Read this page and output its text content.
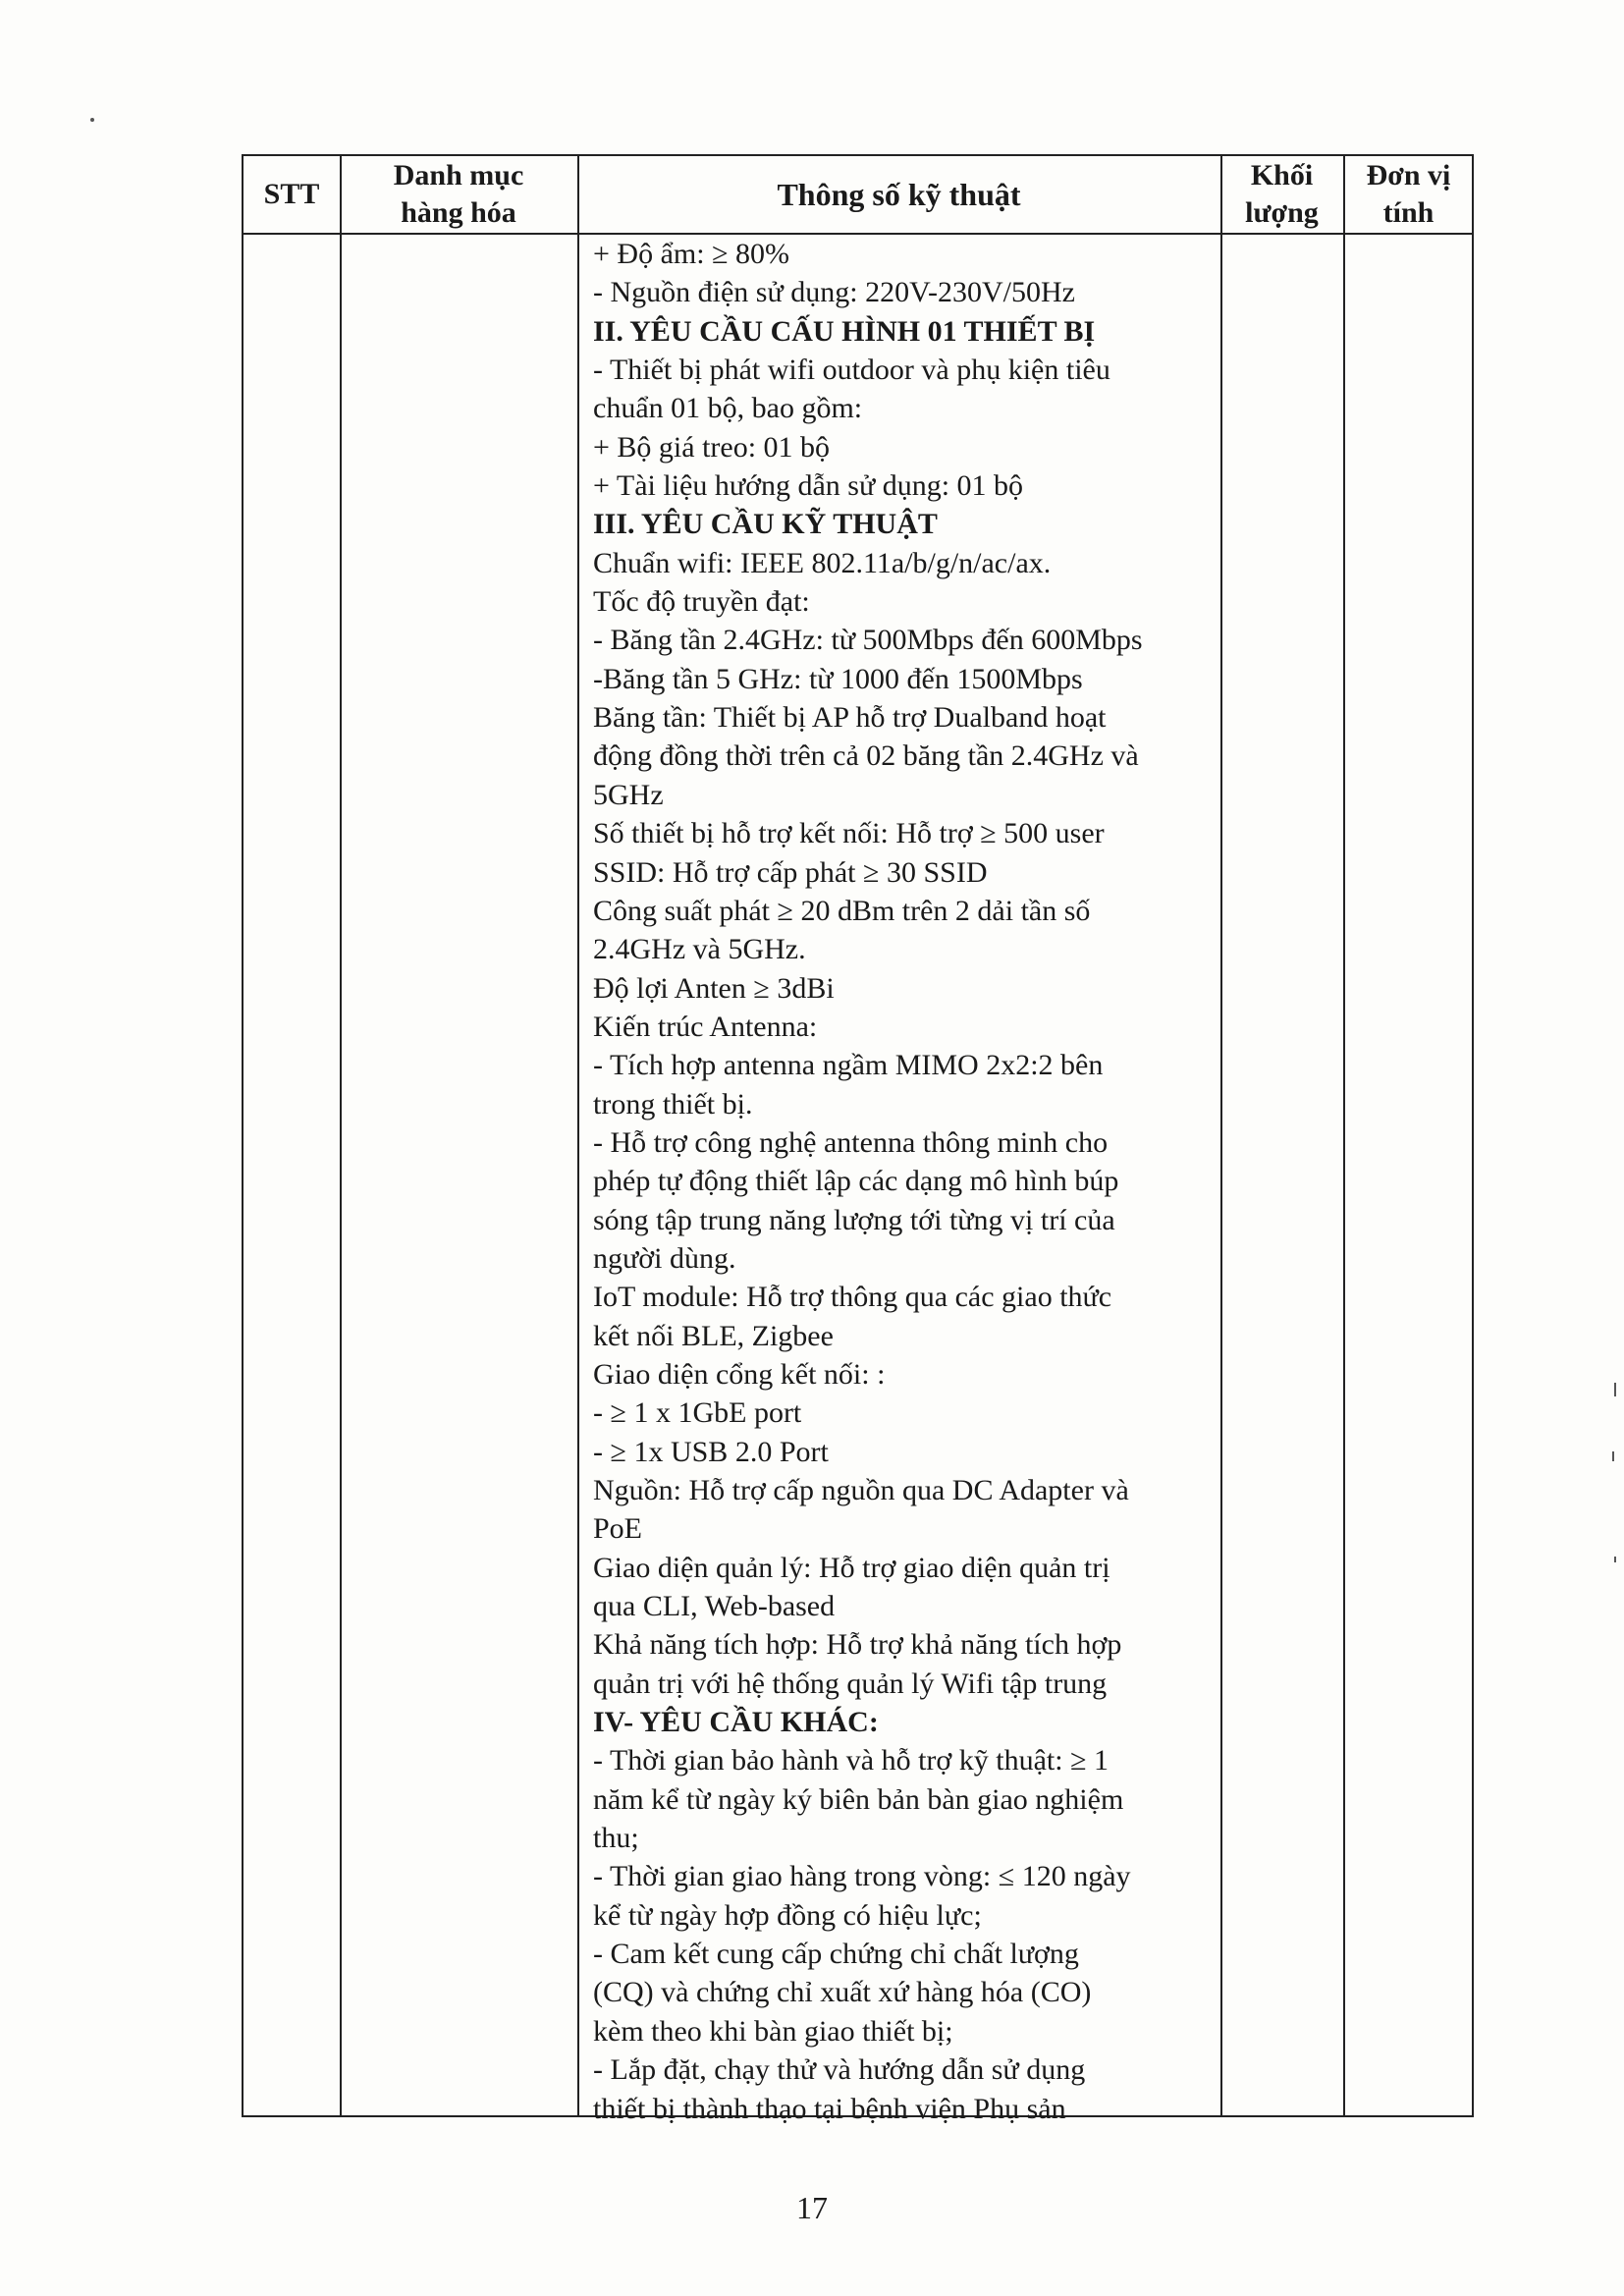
STT
Danh mục
hàng hóa
Thông số kỹ thuật
Khối
lượng
Đơn vị
tính
+ Độ ẩm: ≥ 80%
- Nguồn điện sử dụng: 220V-230V/50Hz
II. YÊU CẦU CẤU HÌNH 01 THIẾT BỊ
- Thiết bị phát wifi outdoor và phụ kiện tiêu
chuẩn 01 bộ, bao gồm:
+ Bộ giá treo: 01 bộ
+ Tài liệu hướng dẫn sử dụng: 01 bộ
III. YÊU CẦU KỸ THUẬT
Chuẩn wifi: IEEE 802.11a/b/g/n/ac/ax.
Tốc độ truyền đạt:
- Băng tần 2.4GHz: từ 500Mbps đến 600Mbps
-Băng tần 5 GHz: từ 1000 đến 1500Mbps
Băng tần: Thiết bị AP hỗ trợ Dualband hoạt
động đồng thời trên cả 02 băng tần 2.4GHz và
5GHz
Số thiết bị hỗ trợ kết nối: Hỗ trợ ≥ 500 user
SSID: Hỗ trợ cấp phát ≥ 30 SSID
Công suất phát ≥ 20 dBm trên 2 dải tần số
2.4GHz và 5GHz.
Độ lợi Anten ≥ 3dBi
Kiến trúc Antenna:
- Tích hợp antenna ngầm MIMO 2x2:2 bên
trong thiết bị.
- Hỗ trợ công nghệ antenna thông minh cho
phép tự động thiết lập các dạng mô hình búp
sóng tập trung năng lượng tới từng vị trí của
người dùng.
IoT module: Hỗ trợ thông qua các giao thức
kết nối BLE, Zigbee
Giao diện cổng kết nối: :
- ≥ 1 x 1GbE port
- ≥ 1x USB 2.0 Port
Nguồn: Hỗ trợ cấp nguồn qua DC Adapter và
PoE
Giao diện quản lý: Hỗ trợ giao diện quản trị
qua CLI, Web-based
Khả năng tích hợp: Hỗ trợ khả năng tích hợp
quản trị với hệ thống quản lý Wifi tập trung
IV- YÊU CẦU KHÁC:
- Thời gian bảo hành và hỗ trợ kỹ thuật: ≥ 1
năm kể từ ngày ký biên bản bàn giao nghiệm
thu;
- Thời gian giao hàng trong vòng: ≤ 120 ngày
kể từ ngày hợp đồng có hiệu lực;
- Cam kết cung cấp chứng chỉ chất lượng
(CQ) và chứng chỉ xuất xứ hàng hóa (CO)
kèm theo khi bàn giao thiết bị;
- Lắp đặt, chạy thử và hướng dẫn sử dụng
thiết bị thành thạo tại bệnh viện Phụ sản
17
